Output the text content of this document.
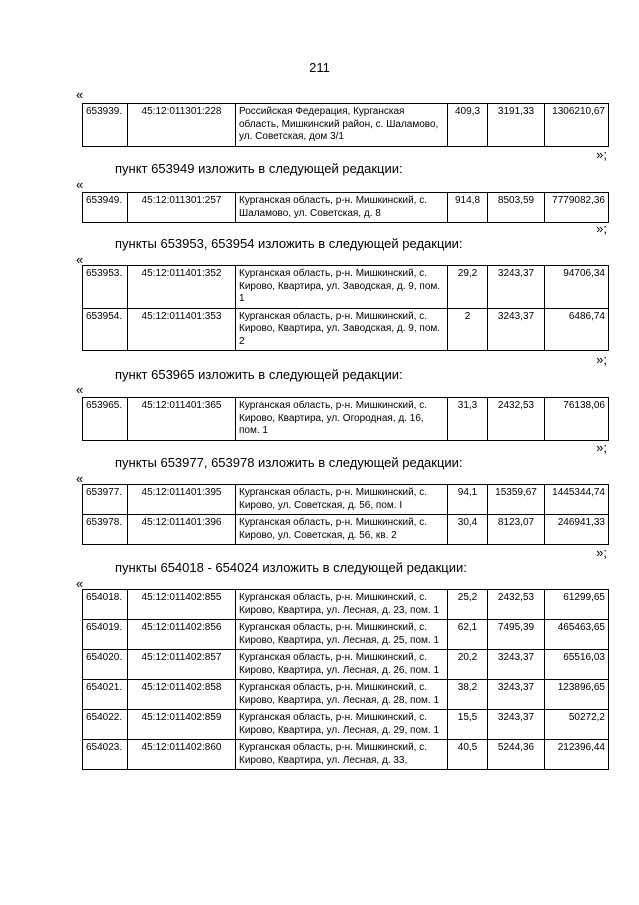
211
«
653939.	45:12:011301:228	Российская Федерация, Курганская область, Мишкинский район, с. Шаламово, ул. Советская, дом 3/1	409,3	3191,33	1306210,67
»;
пункт 653949 изложить в следующей редакции:
«
653949.	45:12:011301:257	Курганская область, р-н. Мишкинский, с. Шаламово, ул. Советская, д. 8	914,8	8503,59	7779082,36
»;
пункты 653953, 653954 изложить в следующей редакции:
«
653953.	45:12:011401:352	Курганская область, р-н. Мишкинский, с. Кирово, Квартира, ул. Заводская, д. 9, пом. 1	29,2	3243,37	94706,34
653954.	45:12:011401:353	Курганская область, р-н. Мишкинский, с. Кирово, Квартира, ул. Заводская, д. 9, пом. 2	2	3243,37	6486,74
»;
пункт 653965 изложить в следующей редакции:
«
653965.	45:12:011401:365	Курганская область, р-н. Мишкинский, с. Кирово, Квартира, ул. Огородная, д. 16, пом. 1	31,3	2432,53	76138,06
»;
пункты 653977, 653978 изложить в следующей редакции:
«
653977.	45:12:011401:395	Курганская область, р-н. Мишкинский, с. Кирово, ул. Советская, д. 56, пом. I	94,1	15359,67	1445344,74
653978.	45:12:011401:396	Курганская область, р-н. Мишкинский, с. Кирово, ул. Советская, д. 56, кв. 2	30,4	8123,07	246941,33
»;
пункты 654018 - 654024 изложить в следующей редакции:
«
654018.	45:12:011402:855	Курганская область, р-н. Мишкинский, с. Кирово, Квартира, ул. Лесная, д. 23, пом. 1	25,2	2432,53	61299,65
654019.	45:12:011402:856	Курганская область, р-н. Мишкинский, с. Кирово, Квартира, ул. Лесная, д. 25, пом. 1	62,1	7495,39	465463,65
654020.	45:12:011402:857	Курганская область, р-н. Мишкинский, с. Кирово, Квартира, ул. Лесная, д. 26, пом. 1	20,2	3243,37	65516,03
654021.	45:12:011402:858	Курганская область, р-н. Мишкинский, с. Кирово, Квартира, ул. Лесная, д. 28, пом. 1	38,2	3243,37	123896,65
654022.	45:12:011402:859	Курганская область, р-н. Мишкинский, с. Кирово, Квартира, ул. Лесная, д. 29, пом. 1	15,5	3243,37	50272,2
654023.	45:12:011402:860	Курганская область, р-н. Мишкинский, с. Кирово, Квартира, ул. Лесная, д. 33,	40,5	5244,36	212396,44
